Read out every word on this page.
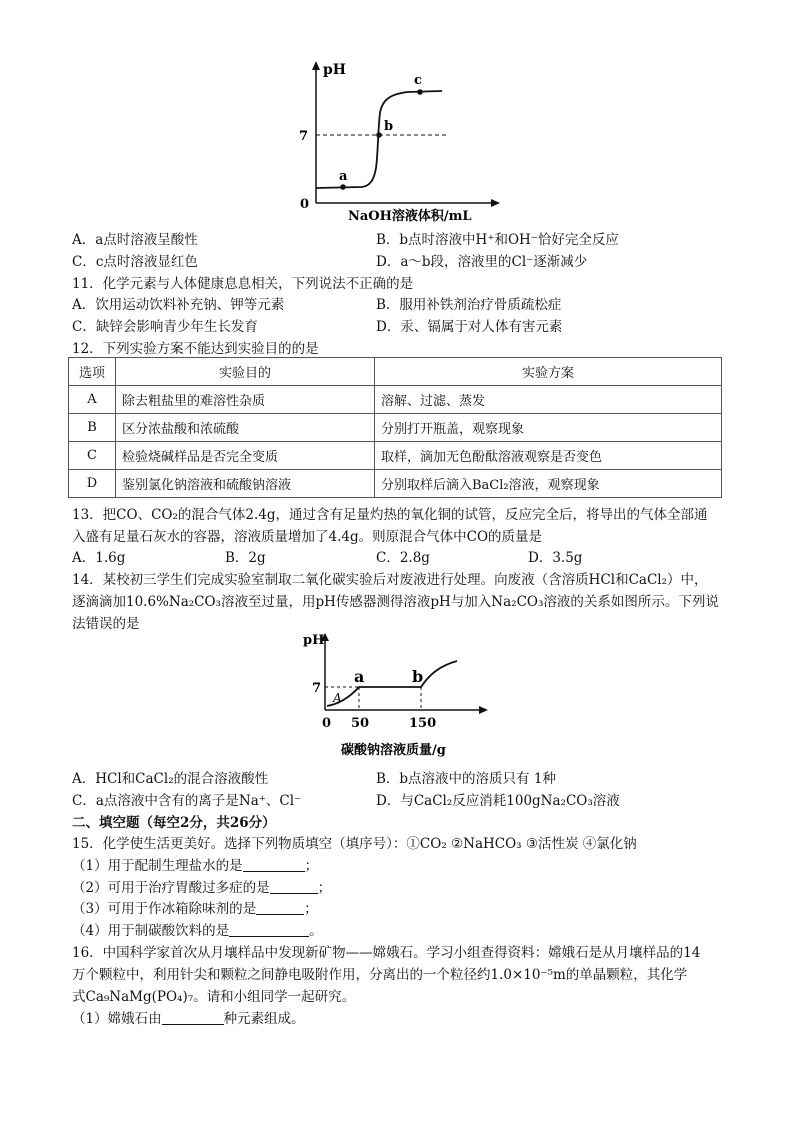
pH
7
0
a
b
c
NaOH溶液体积/mL
A．a点时溶液呈酸性	B．b点时溶液中H⁺和OH⁻恰好完全反应
C．c点时溶液显红色	D．a～b段，溶液里的Cl⁻逐渐减少
11．化学元素与人体健康息息相关，下列说法不正确的是
A．饮用运动饮料补充钠、钾等元素	B．服用补铁剂治疗骨质疏松症
C．缺锌会影响青少年生长发育	D．汞、镉属于对人体有害元素
12．下列实验方案不能达到实验目的的是
选项	实验目的	实验方案
A	除去粗盐里的难溶性杂质	溶解、过滤、蒸发
B	区分浓盐酸和浓硫酸	分别打开瓶盖，观察现象
C	检验烧碱样品是否完全变质	取样，滴加无色酚酞溶液观察是否变色
D	鉴别氯化钠溶液和硫酸钠溶液	分别取样后滴入BaCl₂溶液，观察现象
13．把CO、CO₂的混合气体2.4g，通过含有足量灼热的氧化铜的试管，反应完全后，将导出的气体全部通
入盛有足量石灰水的容器，溶液质量增加了4.4g。则原混合气体中CO的质量是
A．1.6g	B．2g	C．2.8g	D．3.5g
14．某校初三学生们完成实验室制取二氧化碳实验后对废液进行处理。向废液（含溶质HCl和CaCl₂）中，
逐滴滴加10.6%Na₂CO₃溶液至过量，用pH传感器测得溶液pH与加入Na₂CO₃溶液的关系如图所示。下列说
法错误的是
pH
7
0 50	150
A
a	b
碳酸钠溶液质量/g
A．HCl和CaCl₂的混合溶液酸性	B．b点溶液中的溶质只有 1种
C．a点溶液中含有的离子是Na⁺、Cl⁻	D．与CaCl₂反应消耗100gNa₂CO₃溶液
二、填空题（每空2分，共26分）
15．化学使生活更美好。选择下列物质填空（填序号）：①CO₂ ②NaHCO₃ ③活性炭 ④氯化钠
（1）用于配制生理盐水的是	；
（2）可用于治疗胃酸过多症的是	；
（3）可用于作冰箱除味剂的是	；
（4）用于制碳酸饮料的是	。
16．中国科学家首次从月壤样品中发现新矿物——嫦娥石。学习小组查得资料：嫦娥石是从月壤样品的14
万个颗粒中，利用针尖和颗粒之间静电吸附作用，分离出的一个粒径约1.0×10⁻⁵m的单晶颗粒，其化学
式Ca₉NaMg(PO₄)₇。请和小组同学一起研究。
（1）嫦娥石由	种元素组成。
